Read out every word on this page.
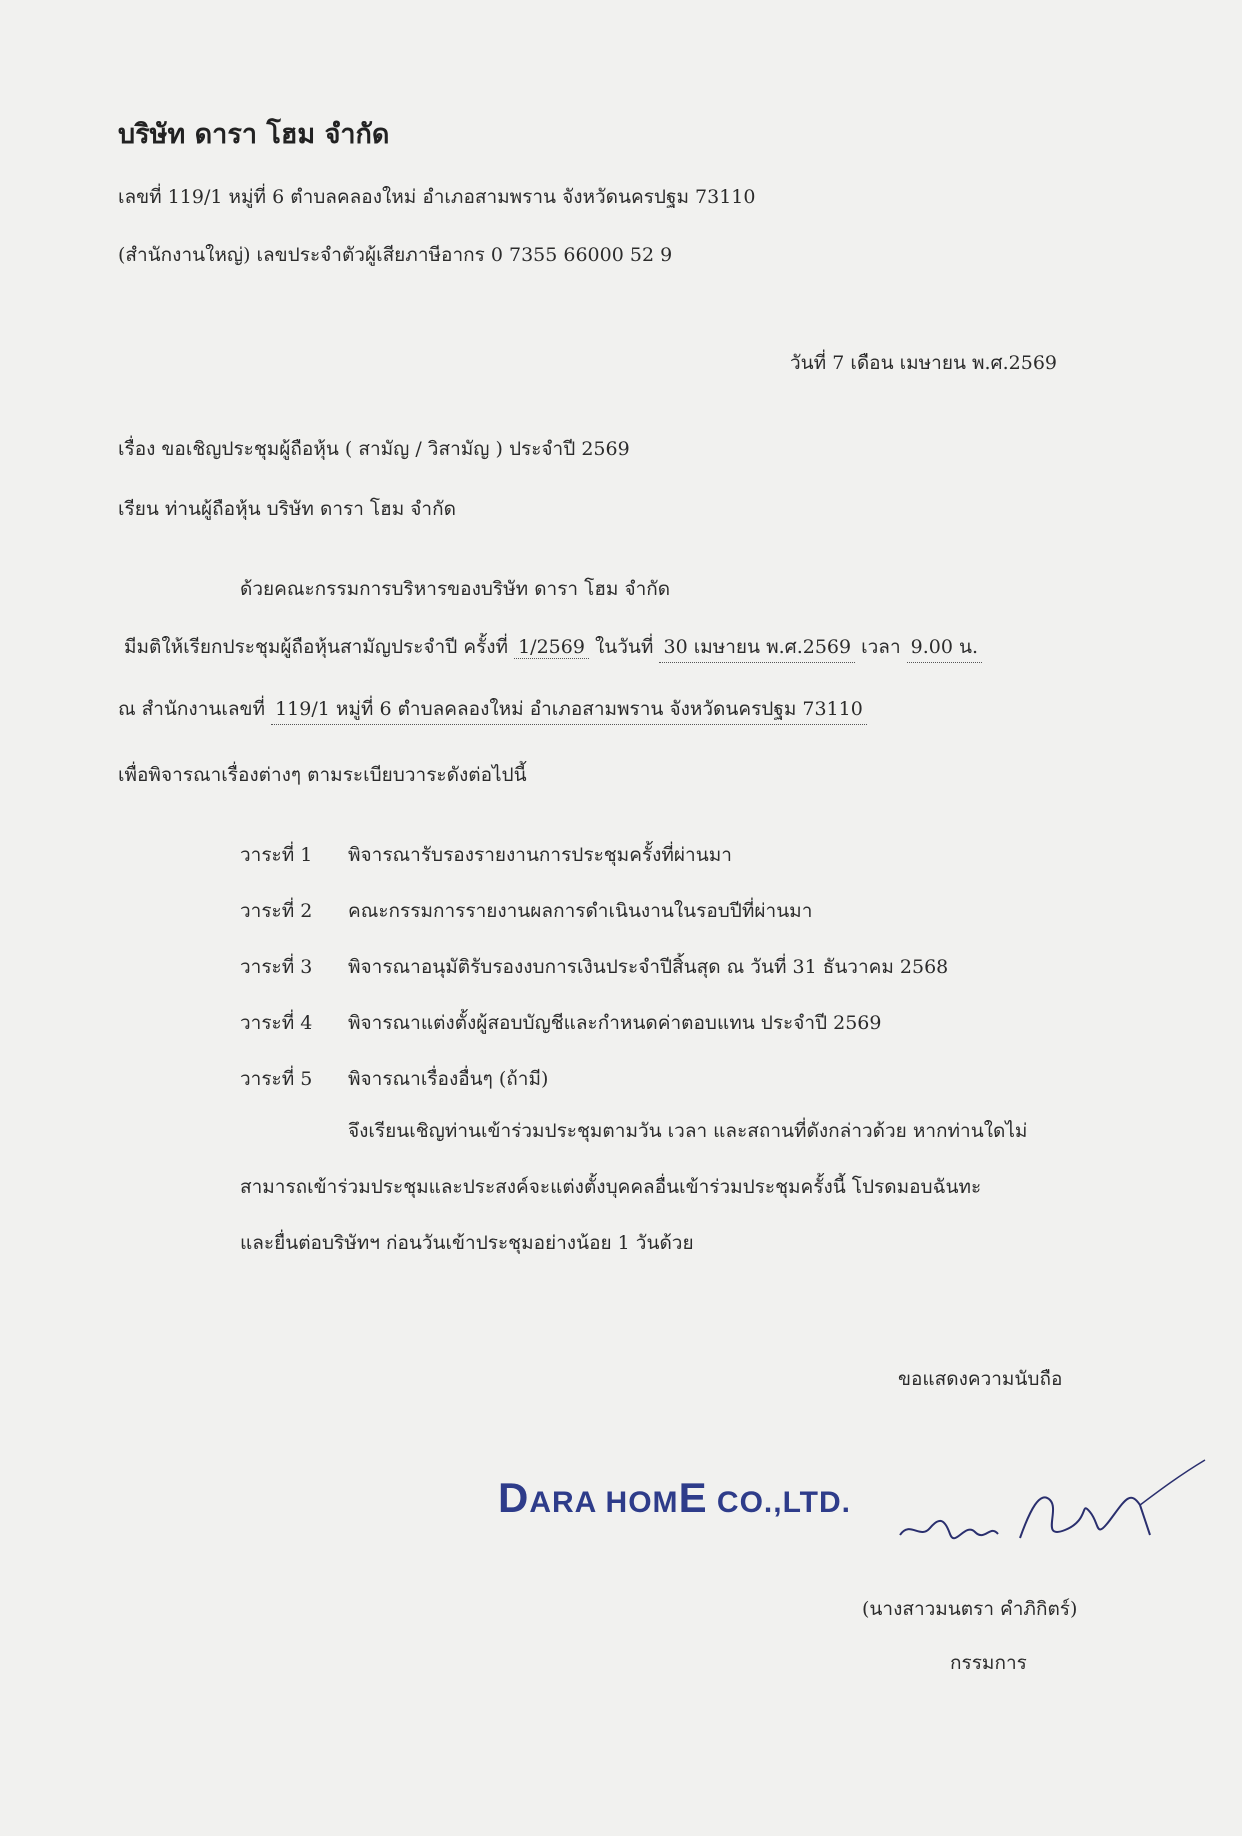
บริษัท ดารา โฮม จำกัด
เลขที่ 119/1 หมู่ที่ 6 ตำบลคลองใหม่ อำเภอสามพราน จังหวัดนครปฐม 73110
(สำนักงานใหญ่) เลขประจำตัวผู้เสียภาษีอากร 0 7355 66000 52 9
วันที่ 7 เดือน เมษายน พ.ศ.2569
เรื่อง ขอเชิญประชุมผู้ถือหุ้น ( สามัญ / วิสามัญ ) ประจำปี 2569
เรียน ท่านผู้ถือหุ้น บริษัท ดารา โฮม จำกัด
ด้วยคณะกรรมการบริหารของบริษัท ดารา โฮม จำกัด
มีมติให้เรียกประชุมผู้ถือหุ้นสามัญประจำปี ครั้งที่ 1/2569 ในวันที่ 30 เมษายน พ.ศ.2569 เวลา 9.00 น.
ณ สำนักงานเลขที่ 119/1 หมู่ที่ 6 ตำบลคลองใหม่ อำเภอสามพราน จังหวัดนครปฐม 73110
เพื่อพิจารณาเรื่องต่างๆ ตามระเบียบวาระดังต่อไปนี้
วาระที่ 1 พิจารณารับรองรายงานการประชุมครั้งที่ผ่านมา
วาระที่ 2 คณะกรรมการรายงานผลการดำเนินงานในรอบปีที่ผ่านมา
วาระที่ 3 พิจารณาอนุมัติรับรองงบการเงินประจำปีสิ้นสุด ณ วันที่ 31 ธันวาคม 2568
วาระที่ 4 พิจารณาแต่งตั้งผู้สอบบัญชีและกำหนดค่าตอบแทน ประจำปี 2569
วาระที่ 5 พิจารณาเรื่องอื่นๆ (ถ้ามี)
จึงเรียนเชิญท่านเข้าร่วมประชุมตามวัน เวลา และสถานที่ดังกล่าวด้วย หากท่านใดไม่
สามารถเข้าร่วมประชุมและประสงค์จะแต่งตั้งบุคคลอื่นเข้าร่วมประชุมครั้งนี้ โปรดมอบฉันทะ
และยื่นต่อบริษัทฯ ก่อนวันเข้าประชุมอย่างน้อย 1 วันด้วย
ขอแสดงความนับถือ
DARA HOME CO.,LTD.
(นางสาวมนตรา คำภิกิตร์)
กรรมการ
